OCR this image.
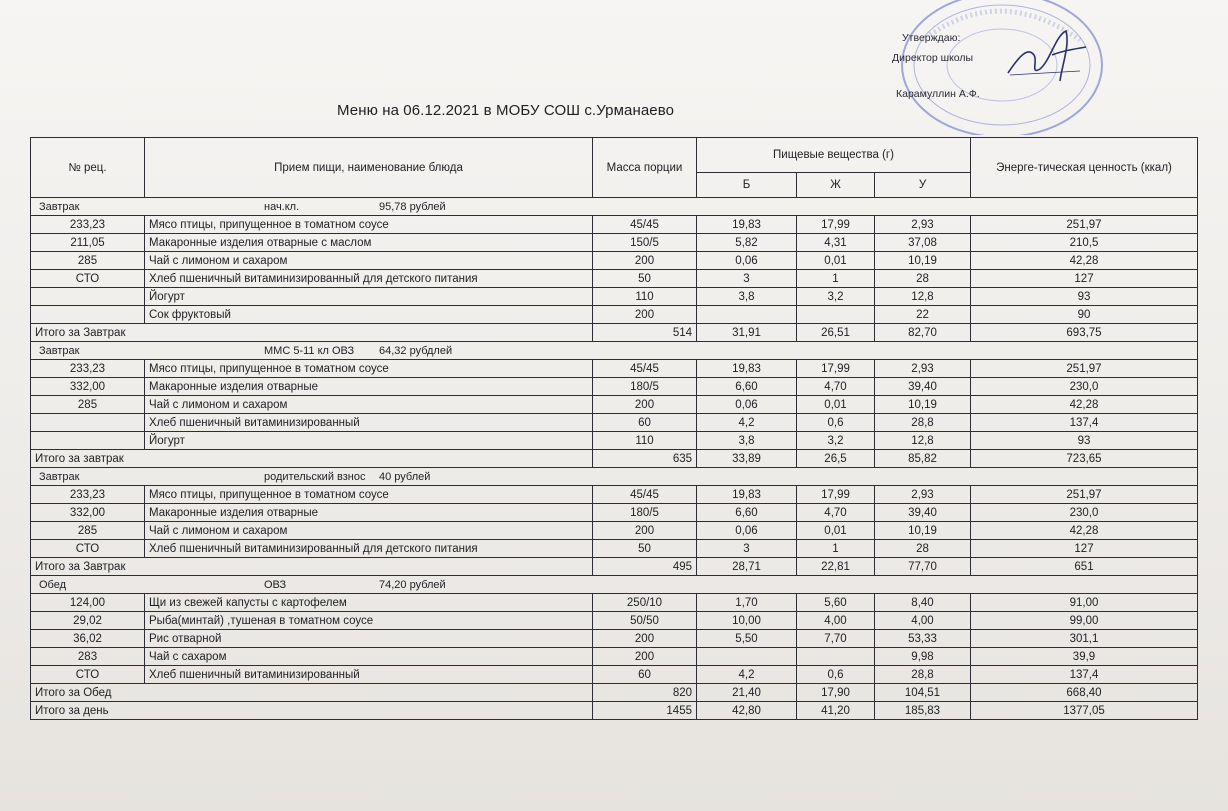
Утверждаю:
Директор школы
Карамуллин А.Ф.
Меню на 06.12.2021 в МОБУ СОШ с.Урманаево
№ рец.	Прием пищи, наименование блюда	Масса порции	Пищевые вещества (г)			Энерге-тическая ценность (ккал)
			Б	Ж	У	
Завтрак нач.кл. 95,78 рублей						
233,23	Мясо птицы, припущенное в томатном соусе	45/45	19,83	17,99	2,93	251,97
211,05	Макаронные изделия отварные с маслом	150/5	5,82	4,31	37,08	210,5
285	Чай с лимоном и сахаром	200	0,06	0,01	10,19	42,28
СТО	Хлеб пшеничный витаминизированный для детского питания	50	3	1	28	127
	Йогурт	110	3,8	3,2	12,8	93
	Сок фруктовый	200			22	90
Итого за Завтрак		514	31,91	26,51	82,70	693,75
Завтрак ММС 5-11 кл ОВЗ 64,32 рубдлей						
233,23	Мясо птицы, припущенное в томатном соусе	45/45	19,83	17,99	2,93	251,97
332,00	Макаронные изделия отварные	180/5	6,60	4,70	39,40	230,0
285	Чай с лимоном и сахаром	200	0,06	0,01	10,19	42,28
	Хлеб пшеничный витаминизированный	60	4,2	0,6	28,8	137,4
	Йогурт	110	3,8	3,2	12,8	93
Итого за завтрак		635	33,89	26,5	85,82	723,65
Завтрак родительский взнос 40 рублей						
233,23	Мясо птицы, припущенное в томатном соусе	45/45	19,83	17,99	2,93	251,97
332,00	Макаронные изделия отварные	180/5	6,60	4,70	39,40	230,0
285	Чай с лимоном и сахаром	200	0,06	0,01	10,19	42,28
СТО	Хлеб пшеничный витаминизированный для детского питания	50	3	1	28	127
Итого за Завтрак		495	28,71	22,81	77,70	651
Обед ОВЗ 74,20 рублей						
124,00	Щи из свежей капусты с картофелем	250/10	1,70	5,60	8,40	91,00
29,02	Рыба(минтай) ,тушеная в томатном соусе	50/50	10,00	4,00	4,00	99,00
36,02	Рис отварной	200	5,50	7,70	53,33	301,1
283	Чай с сахаром	200			9,98	39,9
СТО	Хлеб пшеничный витаминизированный	60	4,2	0,6	28,8	137,4
Итого за Обед		820	21,40	17,90	104,51	668,40
Итого за день		1455	42,80	41,20	185,83	1377,05
